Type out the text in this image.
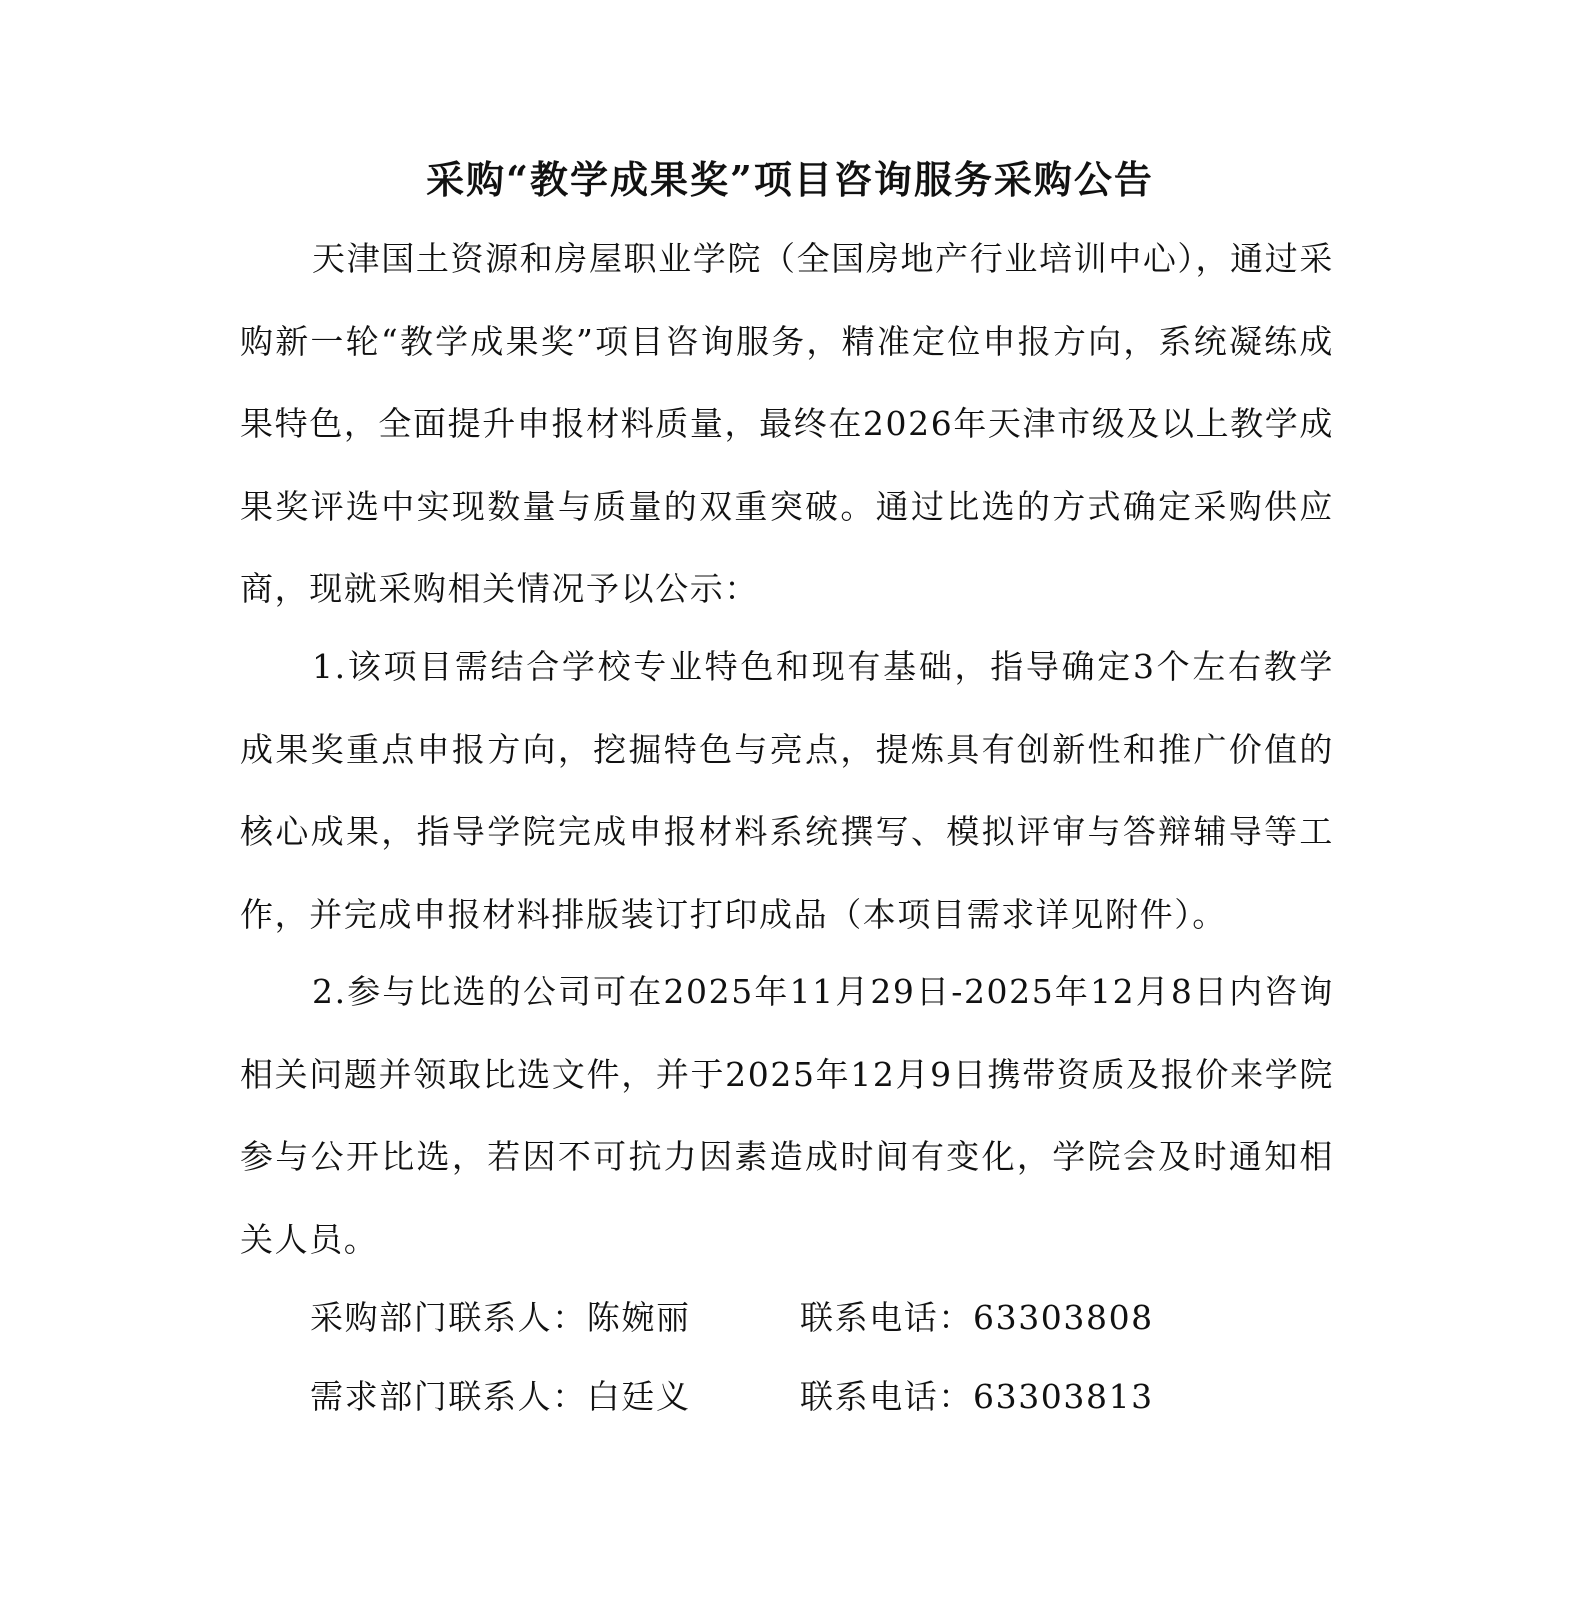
采购“教学成果奖”项目咨询服务采购公告

天津国土资源和房屋职业学院（全国房地产行业培训中心），通过采购新一轮“教学成果奖”项目咨询服务，精准定位申报方向，系统凝练成果特色，全面提升申报材料质量，最终在2026年天津市级及以上教学成果奖评选中实现数量与质量的双重突破。通过比选的方式确定采购供应商，现就采购相关情况予以公示：

1.该项目需结合学校专业特色和现有基础，指导确定3个左右教学成果奖重点申报方向，挖掘特色与亮点，提炼具有创新性和推广价值的核心成果，指导学院完成申报材料系统撰写、模拟评审与答辩辅导等工作，并完成申报材料排版装订打印成品（本项目需求详见附件）。

2.参与比选的公司可在2025年11月29日-2025年12月8日内咨询相关问题并领取比选文件，并于2025年12月9日携带资质及报价来学院参与公开比选，若因不可抗力因素造成时间有变化，学院会及时通知相关人员。

采购部门联系人：陈婉丽	联系电话：63303808
需求部门联系人：白廷义	联系电话：63303813
